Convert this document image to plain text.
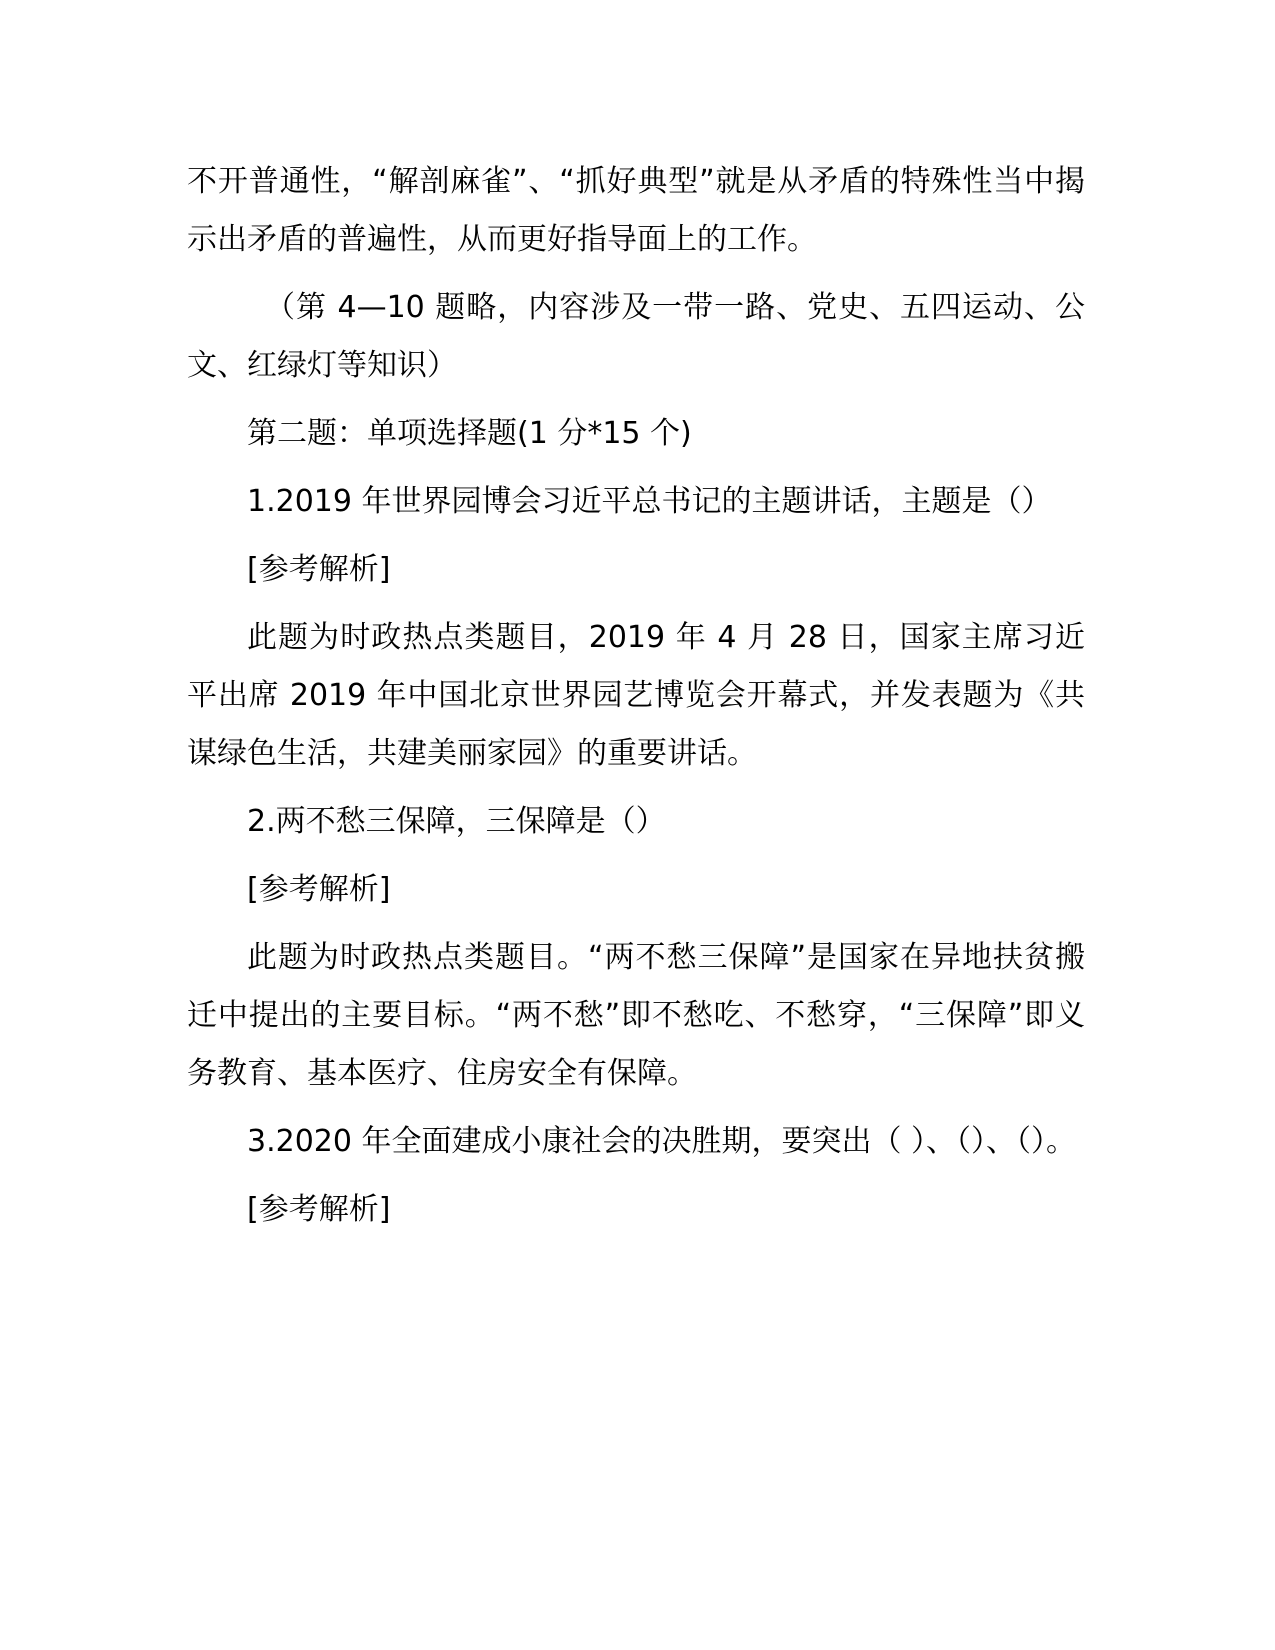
不开普通性，“解剖麻雀”、“抓好典型”就是从矛盾的特殊性当中揭示出矛盾的普遍性，从而更好指导面上的工作。

（第 4—10 题略，内容涉及一带一路、党史、五四运动、公文、红绿灯等知识）

第二题：单项选择题(1 分*15 个)

1.2019 年世界园博会习近平总书记的主题讲话，主题是（）

[参考解析]

此题为时政热点类题目，2019 年 4 月 28 日，国家主席习近平出席 2019 年中国北京世界园艺博览会开幕式，并发表题为《共谋绿色生活，共建美丽家园》的重要讲话。

2.两不愁三保障，三保障是（）

[参考解析]

此题为时政热点类题目。“两不愁三保障”是国家在异地扶贫搬迁中提出的主要目标。“两不愁”即不愁吃、不愁穿，“三保障”即义务教育、基本医疗、住房安全有保障。

3.2020 年全面建成小康社会的决胜期，要突出（ ）、（）、（）。

[参考解析]
